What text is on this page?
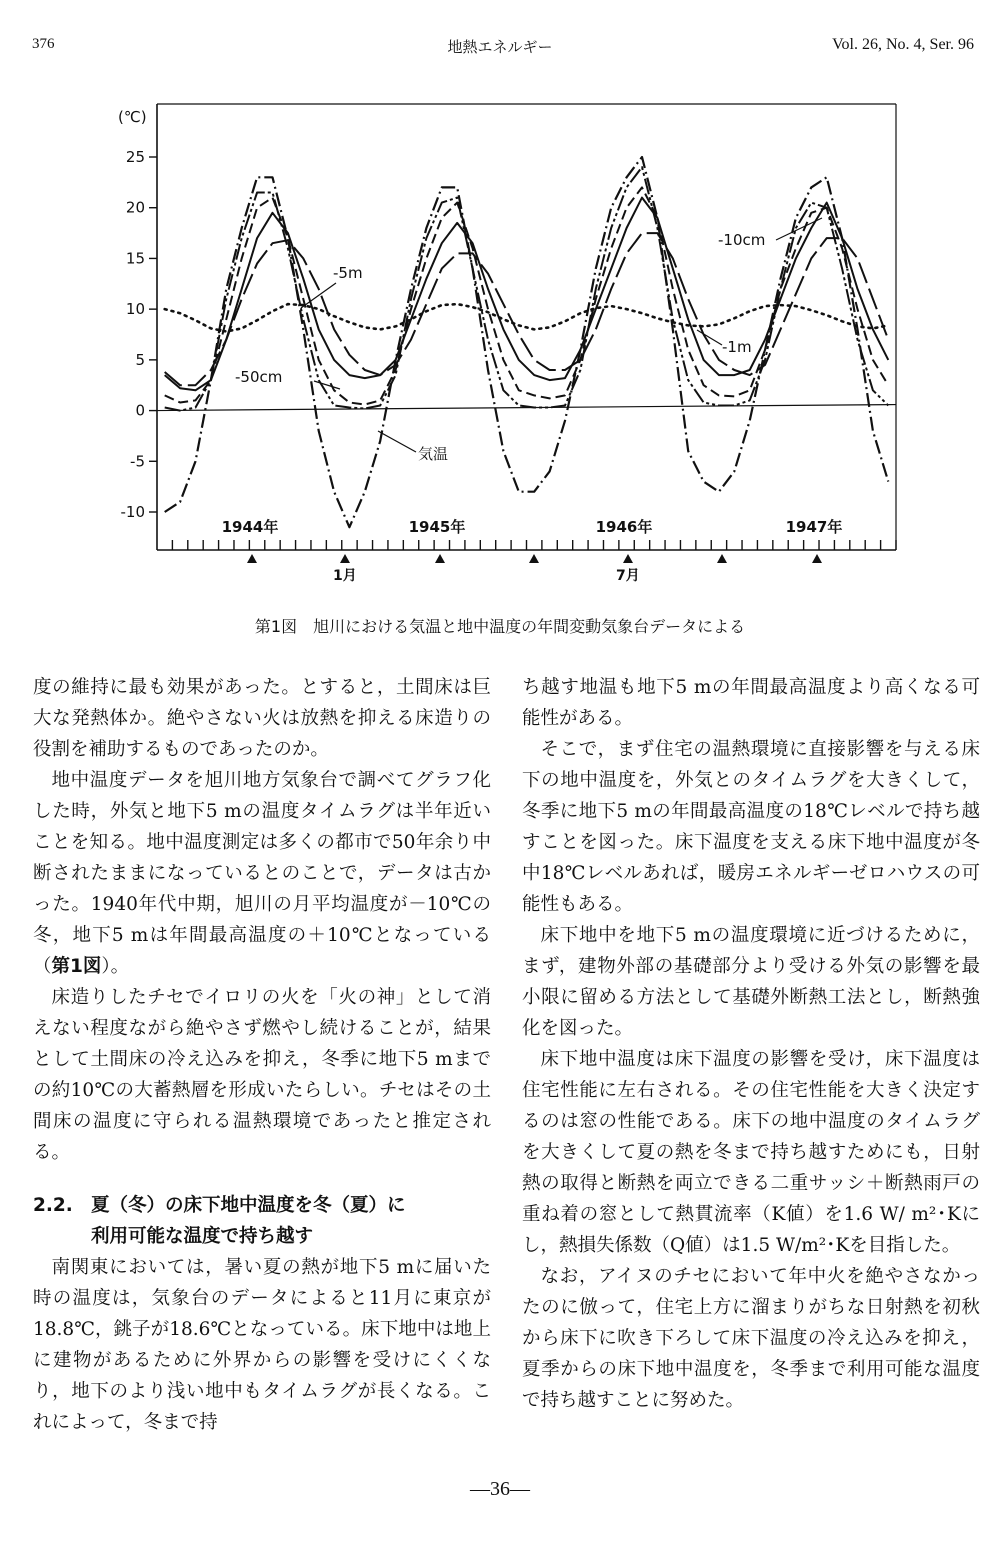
376	地熱エネルギー	Vol. 26, No. 4, Ser. 96
(℃)
25
20
15
10
5
0
-5
-10
1944年	1945年	1946年	1947年
1月	7月
-10cm
-5m
-1m
-50cm
気温
第1図　旭川における気温と地中温度の年間変動気象台データによる

度の維持に最も効果があった。とすると，土間床は巨大な発熱体か。絶やさない火は放熱を抑える床造りの役割を補助するものであったのか。

地中温度データを旭川地方気象台で調べてグラフ化した時，外気と地下5 mの温度タイムラグは半年近いことを知る。地中温度測定は多くの都市で50年余り中断されたままになっているとのことで，データは古かった。1940年代中期，旭川の月平均温度が－10℃の冬，地下5 mは年間最高温度の＋10℃となっている（第1図）。

床造りしたチセでイロリの火を「火の神」として消えない程度ながら絶やさず燃やし続けることが，結果として土間床の冷え込みを抑え，冬季に地下5 mまでの約10℃の大蓄熱層を形成いたらしい。チセはその土間床の温度に守られる温熱環境であったと推定される。

2.2. 夏（冬）の床下地中温度を冬（夏）に
利用可能な温度で持ち越す

南関東においては，暑い夏の熱が地下5 mに届いた時の温度は，気象台のデータによると11月に東京が18.8℃，銚子が18.6℃となっている。床下地中は地上に建物があるために外界からの影響を受けにくくなり，地下のより浅い地中もタイムラグが長くなる。これによって，冬まで持

ち越す地温も地下5 mの年間最高温度より高くなる可能性がある。

そこで，まず住宅の温熱環境に直接影響を与える床下の地中温度を，外気とのタイムラグを大きくして，冬季に地下5 mの年間最高温度の18℃レベルで持ち越すことを図った。床下温度を支える床下地中温度が冬中18℃レベルあれば，暖房エネルギーゼロハウスの可能性もある。

床下地中を地下5 mの温度環境に近づけるために，まず，建物外部の基礎部分より受ける外気の影響を最小限に留める方法として基礎外断熱工法とし，断熱強化を図った。

床下地中温度は床下温度の影響を受け，床下温度は住宅性能に左右される。その住宅性能を大きく決定するのは窓の性能である。床下の地中温度のタイムラグを大きくして夏の熱を冬まで持ち越すためにも，日射熱の取得と断熱を両立できる二重サッシ＋断熱雨戸の重ね着の窓として熱貫流率（K値）を1.6 W/ m²･Kにし，熱損失係数（Q値）は1.5 W/m²･Kを目指した。

なお，アイヌのチセにおいて年中火を絶やさなかったのに倣って，住宅上方に溜まりがちな日射熱を初秋から床下に吹き下ろして床下温度の冷え込みを抑え，夏季からの床下地中温度を，冬季まで利用可能な温度で持ち越すことに努めた。

—36—
